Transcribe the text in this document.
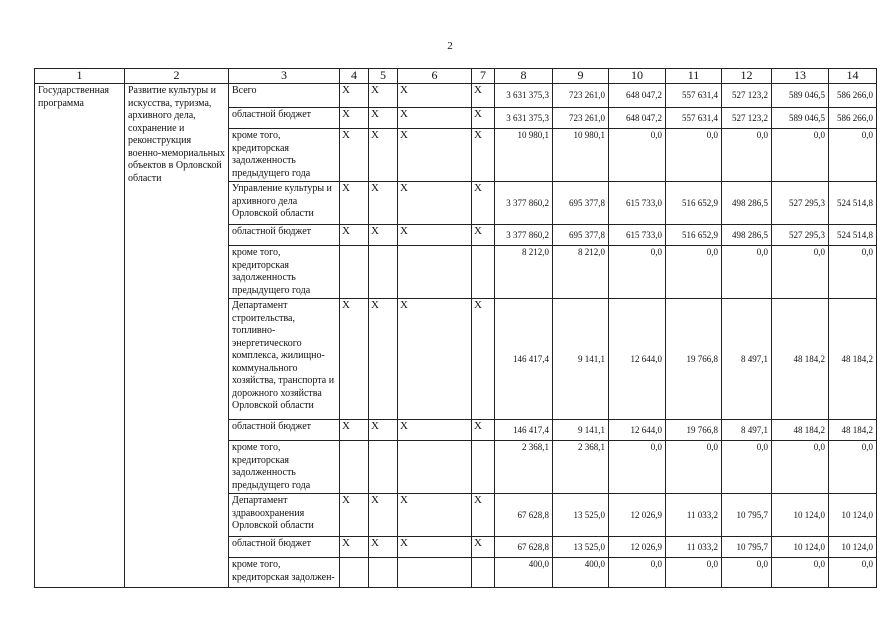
2
1	2	3	4	5	6	7	8	9	10	11	12	13	14
Государственная программа	Развитие культуры и искусства, туризма, архивного дела, сохранение и реконструкция военно-мемориальных объектов в Орловской области	Всего	X	X	X	X	3 631 375,3	723 261,0	648 047,2	557 631,4	527 123,2	589 046,5	586 266,0
		областной бюджет	X	X	X	X	3 631 375,3	723 261,0	648 047,2	557 631,4	527 123,2	589 046,5	586 266,0
		кроме того, кредиторская задолженность предыдущего года	X	X	X	X	10 980,1	10 980,1	0,0	0,0	0,0	0,0	0,0
		Управление культуры и архивного дела Орловской области	X	X	X	X	3 377 860,2	695 377,8	615 733,0	516 652,9	498 286,5	527 295,3	524 514,8
		областной бюджет	X	X	X	X	3 377 860,2	695 377,8	615 733,0	516 652,9	498 286,5	527 295,3	524 514,8
		кроме того, кредиторская задолженность предыдущего года					8 212,0	8 212,0	0,0	0,0	0,0	0,0	0,0
		Департамент строительства, топливно-энергетического комплекса, жилищно-коммунального хозяйства, транспорта и дорожного хозяйства Орловской области	X	X	X	X	146 417,4	9 141,1	12 644,0	19 766,8	8 497,1	48 184,2	48 184,2
		областной бюджет	X	X	X	X	146 417,4	9 141,1	12 644,0	19 766,8	8 497,1	48 184,2	48 184,2
		кроме того, кредиторская задолженность предыдущего года					2 368,1	2 368,1	0,0	0,0	0,0	0,0	0,0
		Департамент здравоохранения Орловской области	X	X	X	X	67 628,8	13 525,0	12 026,9	11 033,2	10 795,7	10 124,0	10 124,0
		областной бюджет	X	X	X	X	67 628,8	13 525,0	12 026,9	11 033,2	10 795,7	10 124,0	10 124,0
		кроме того, кредиторская задолжен-					400,0	400,0	0,0	0,0	0,0	0,0	0,0
